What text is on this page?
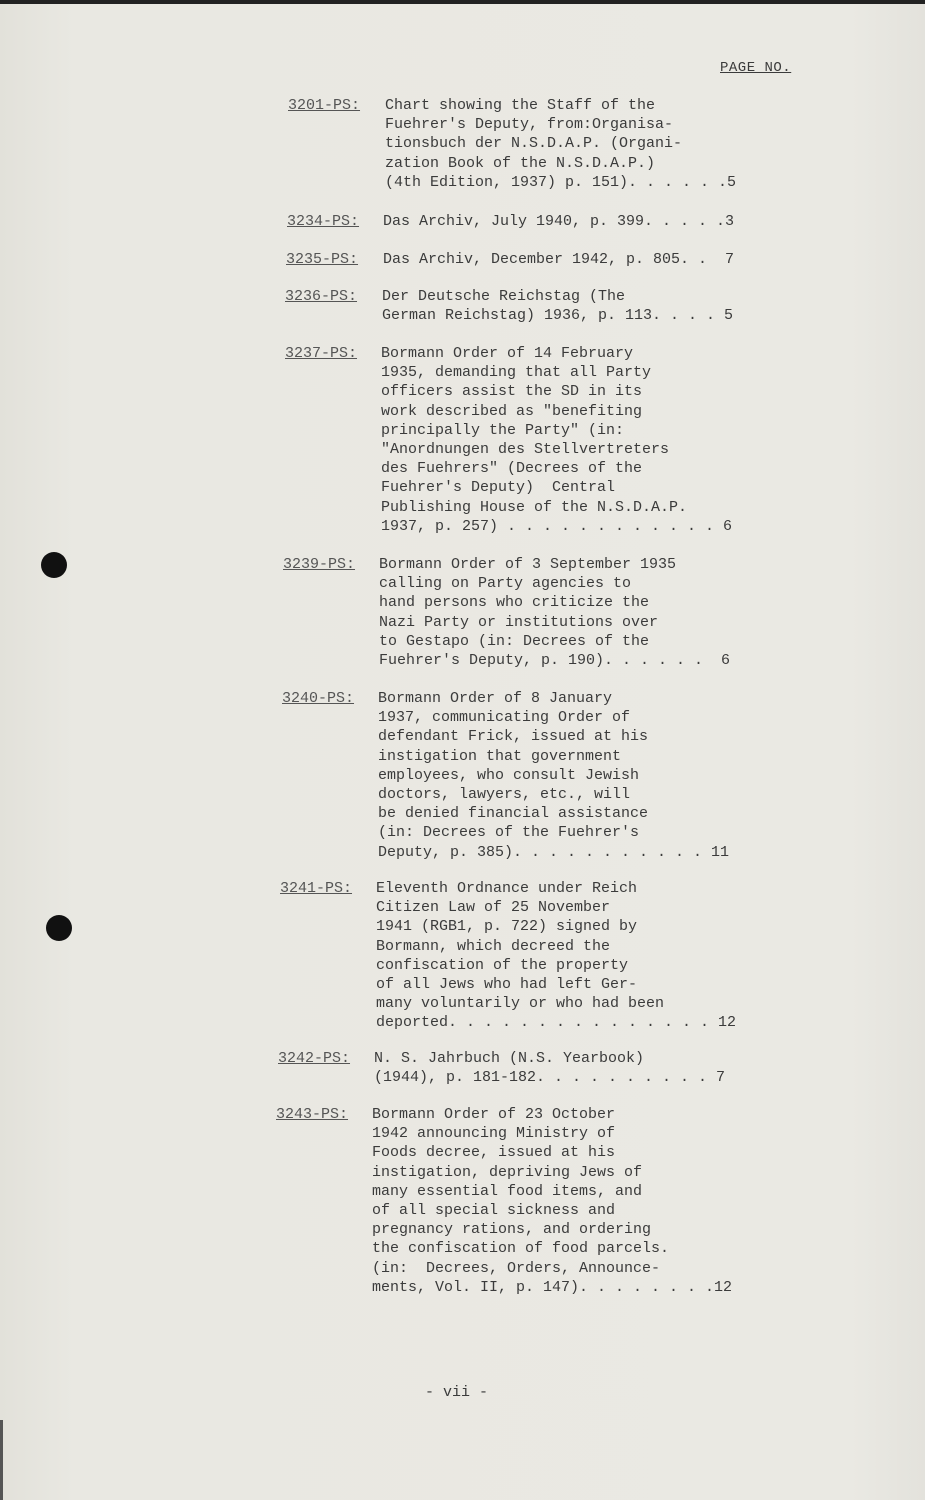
PAGE NO.
3201-PS: Chart showing the Staff of the
Fuehrer's Deputy, from:Organisa-
tionsbuch der N.S.D.A.P. (Organi-
zation Book of the N.S.D.A.P.)
(4th Edition, 1937) p. 151). . . . . .5
3234-PS: Das Archiv, July 1940, p. 399. . . . .3
3235-PS: Das Archiv, December 1942, p. 805. .  7
3236-PS: Der Deutsche Reichstag (The
German Reichstag) 1936, p. 113. . . . 5
3237-PS: Bormann Order of 14 February
1935, demanding that all Party
officers assist the SD in its
work described as "benefiting
principally the Party" (in:
"Anordnungen des Stellvertreters
des Fuehrers" (Decrees of the
Fuehrer's Deputy)  Central
Publishing House of the N.S.D.A.P.
1937, p. 257) . . . . . . . . . . . . 6
3239-PS: Bormann Order of 3 September 1935
calling on Party agencies to
hand persons who criticize the
Nazi Party or institutions over
to Gestapo (in: Decrees of the
Fuehrer's Deputy, p. 190). . . . . .  6
3240-PS: Bormann Order of 8 January
1937, communicating Order of
defendant Frick, issued at his
instigation that government
employees, who consult Jewish
doctors, lawyers, etc., will
be denied financial assistance
(in: Decrees of the Fuehrer's
Deputy, p. 385). . . . . . . . . . . 11
3241-PS: Eleventh Ordnance under Reich
Citizen Law of 25 November
1941 (RGB1, p. 722) signed by
Bormann, which decreed the
confiscation of the property
of all Jews who had left Ger-
many voluntarily or who had been
deported. . . . . . . . . . . . . . . 12
3242-PS: N. S. Jahrbuch (N.S. Yearbook)
(1944), p. 181-182. . . . . . . . . . 7
3243-PS: Bormann Order of 23 October
1942 announcing Ministry of
Foods decree, issued at his
instigation, depriving Jews of
many essential food items, and
of all special sickness and
pregnancy rations, and ordering
the confiscation of food parcels.
(in:  Decrees, Orders, Announce-
ments, Vol. II, p. 147). . . . . . . .12
- vii -
